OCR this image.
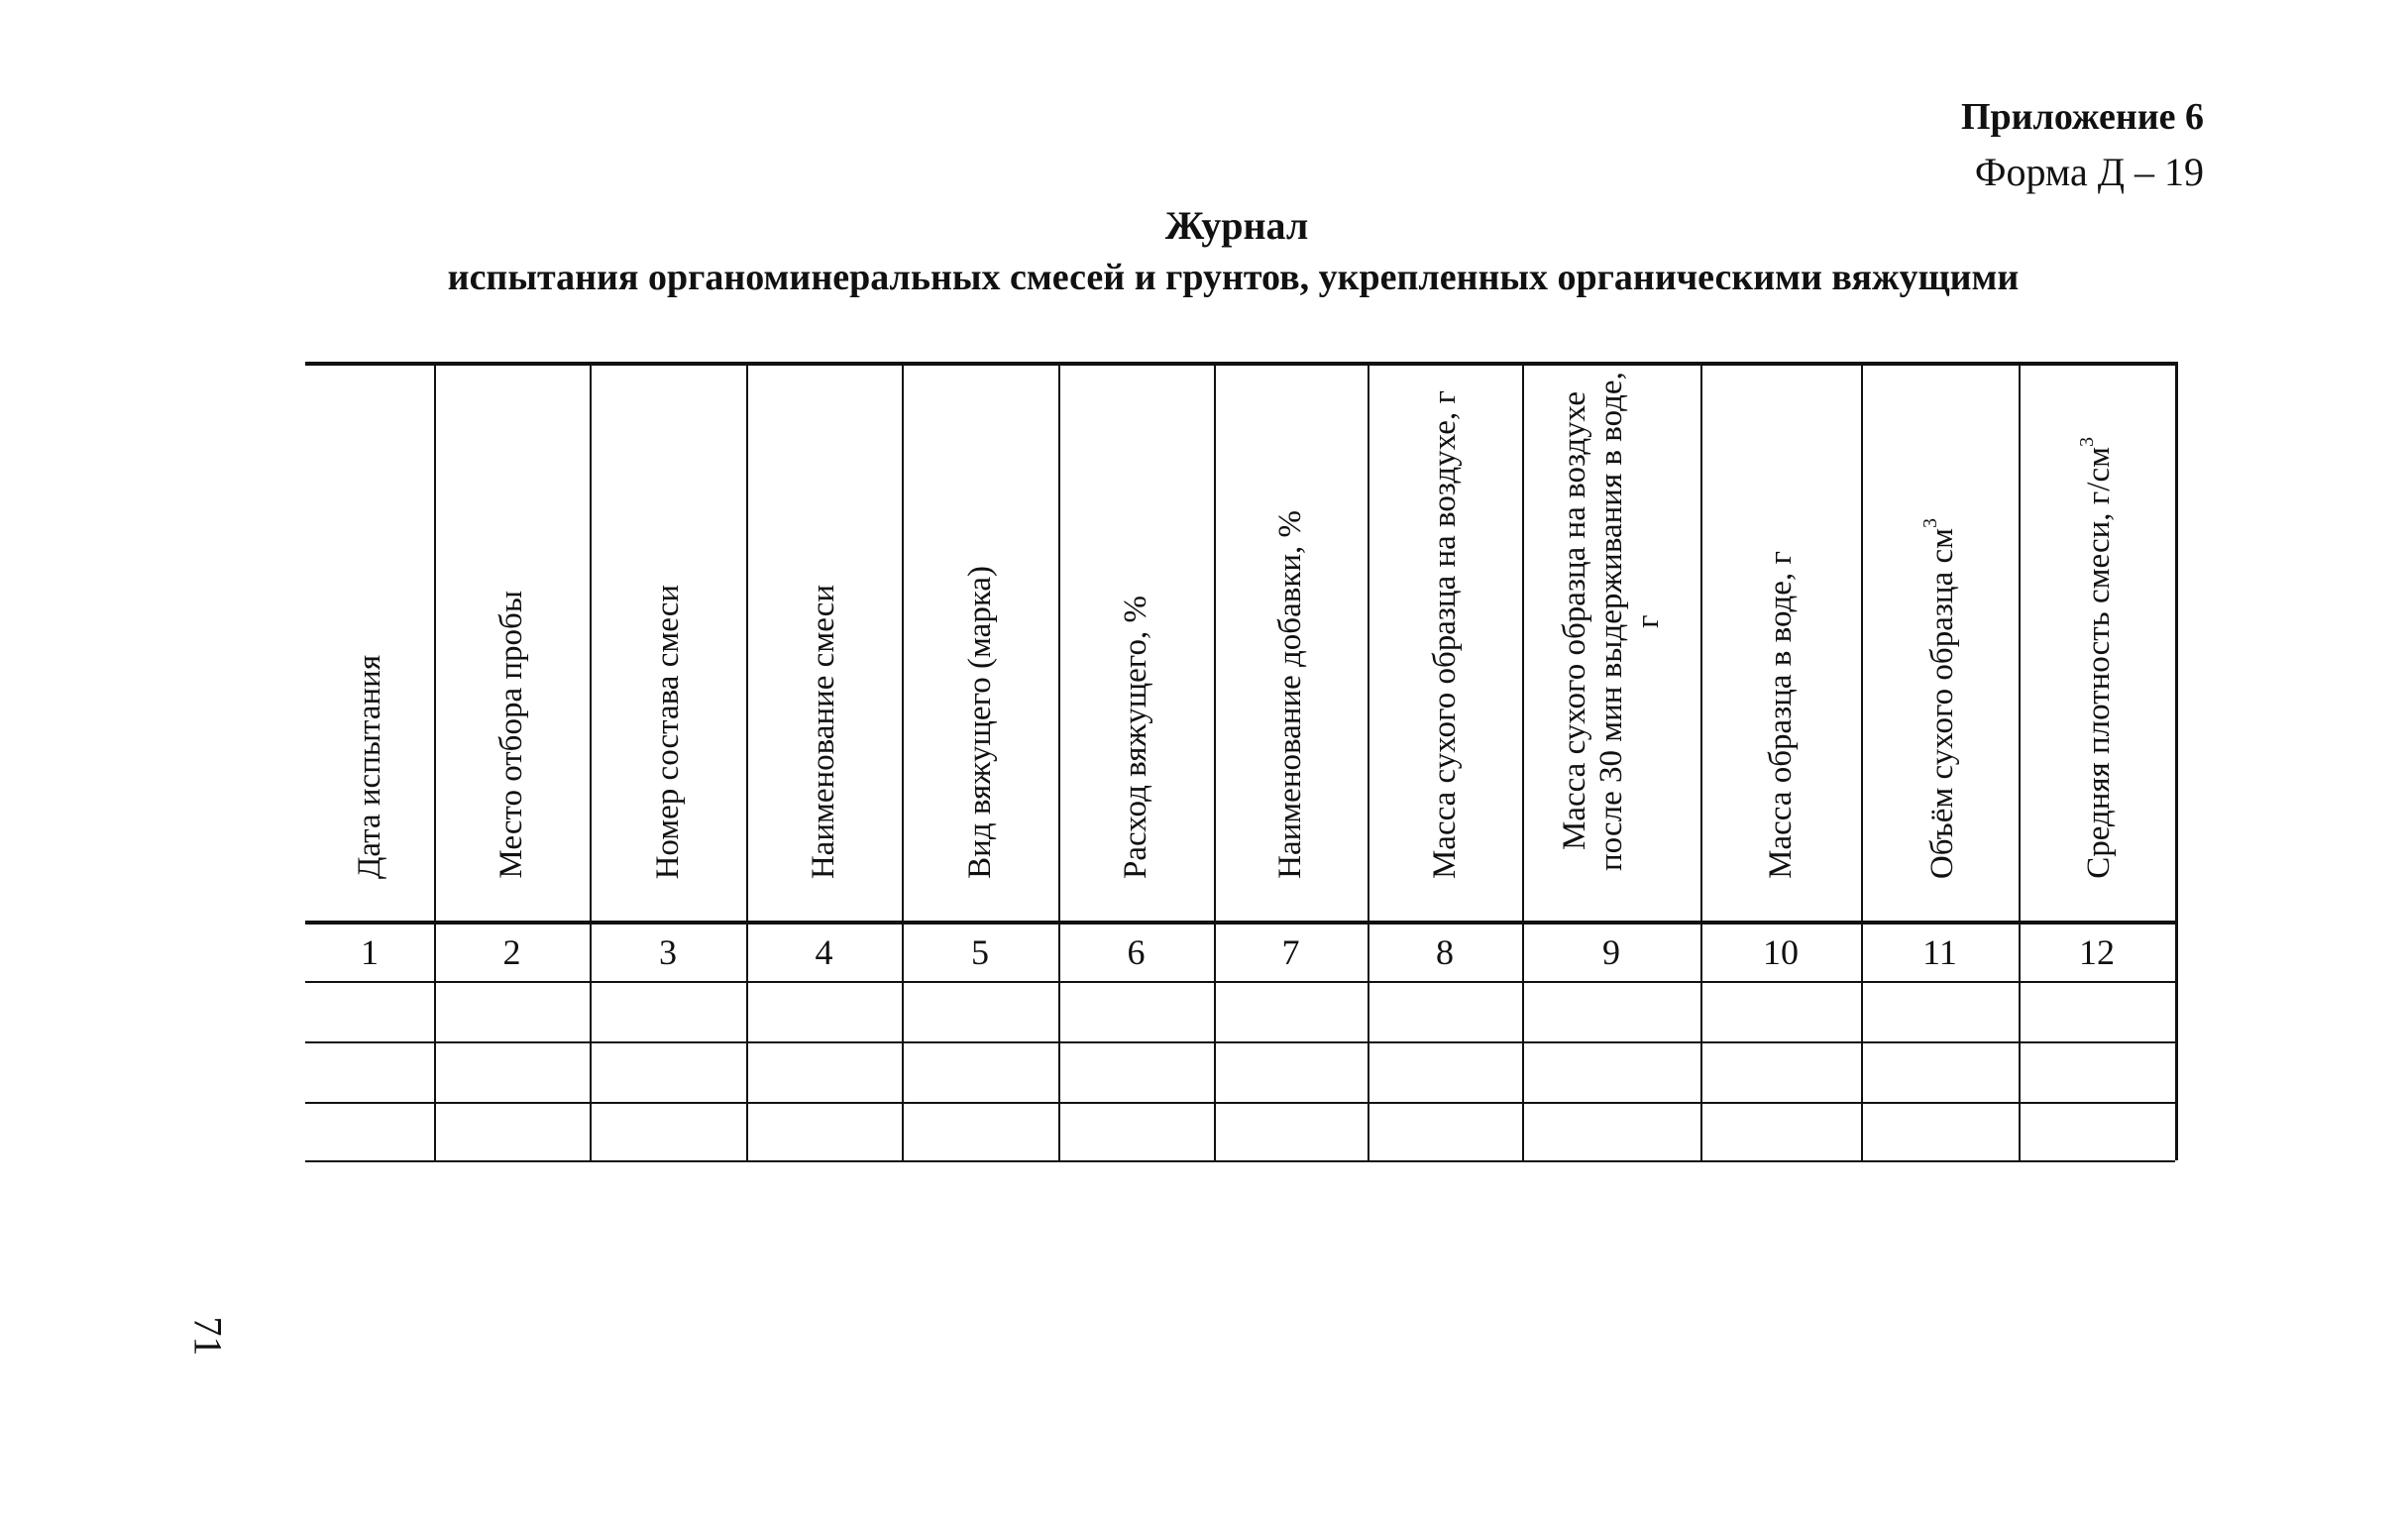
Приложение 6
Форма Д – 19
Журнал
испытания органоминеральных смесей и грунтов, укрепленных органическими вяжущими
Дата испытания
1
Место отбора пробы
2
Номер состава смеси
3
Наименование смеси
4
Вид вяжущего (марка)
5
Расход вяжущего, %
6
Наименование добавки, %
7
Масса сухого образца на воздухе, г
8
Масса сухого образца на воздухе после 30 мин выдерживания в воде, г
9
Масса образца в воде, г
10
Объём сухого образца $см^3$
11
Средняя плотность смеси, $г/см^3$
12
71
